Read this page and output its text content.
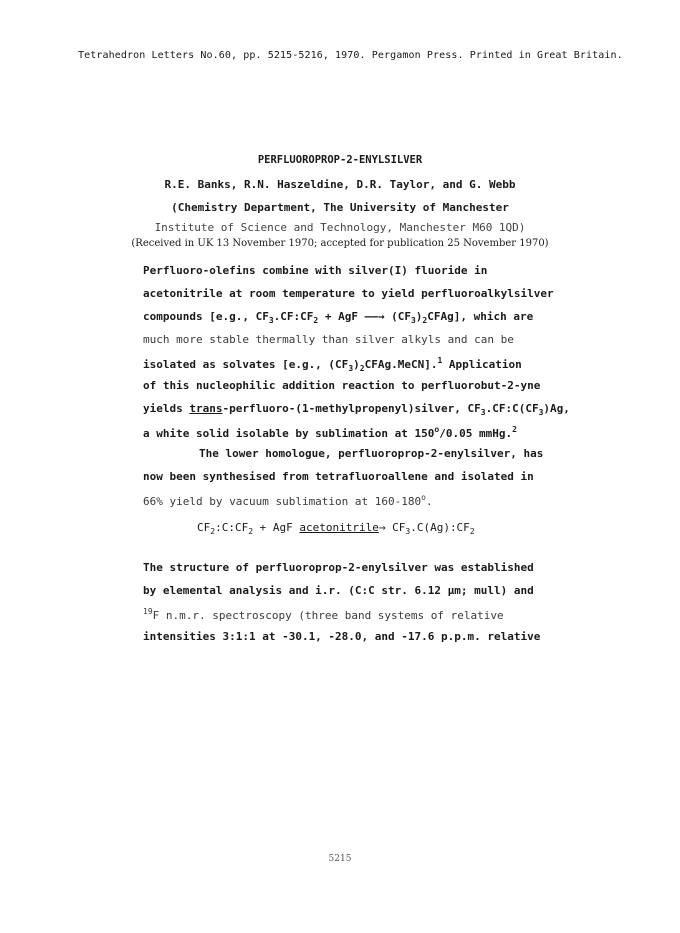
Tetrahedron Letters No.60, pp. 5215-5216, 1970. Pergamon Press. Printed in Great Britain.
PERFLUOROPROP-2-ENYLSILVER
R.E. Banks, R.N. Haszeldine, D.R. Taylor, and G. Webb
(Chemistry Department, The University of Manchester
Institute of Science and Technology, Manchester M60 1QD)
(Received in UK 13 November 1970; accepted for publication 25 November 1970)
Perfluoro-olefins combine with silver(I) fluoride in
acetonitrile at room temperature to yield perfluoroalkylsilver
compounds [e.g., $CF_3.CF:CF_2$ + AgF ——→ $(CF_3)_2CFAg$], which are
much more stable thermally than silver alkyls and can be
isolated as solvates [e.g., $(CF_3)_2CFAg.MeCN].^1$ Application
of this nucleophilic addition reaction to perfluorobut-2-yne
yields trans-perfluoro-(1-methylpropenyl)silver, $CF_3.CF:C(CF_3)Ag$,
a white solid isolable by sublimation at 150$^o$/0.05 mmHg.$^2$
The lower homologue, perfluoroprop-2-enylsilver, has
now been synthesised from tetrafluoroallene and isolated in
66% yield by vacuum sublimation at 160-180$^o$.
$CF_2:C:CF_2$ + AgF acetonitrile→ $CF_3.C(Ag):CF_2$
The structure of perfluoroprop-2-enylsilver was established
by elemental analysis and i.r. (C:C str. 6.12 μm; mull) and
$^{19}$F n.m.r. spectroscopy (three band systems of relative
intensities 3:1:1 at -30.1, -28.0, and -17.6 p.p.m. relative
5215
